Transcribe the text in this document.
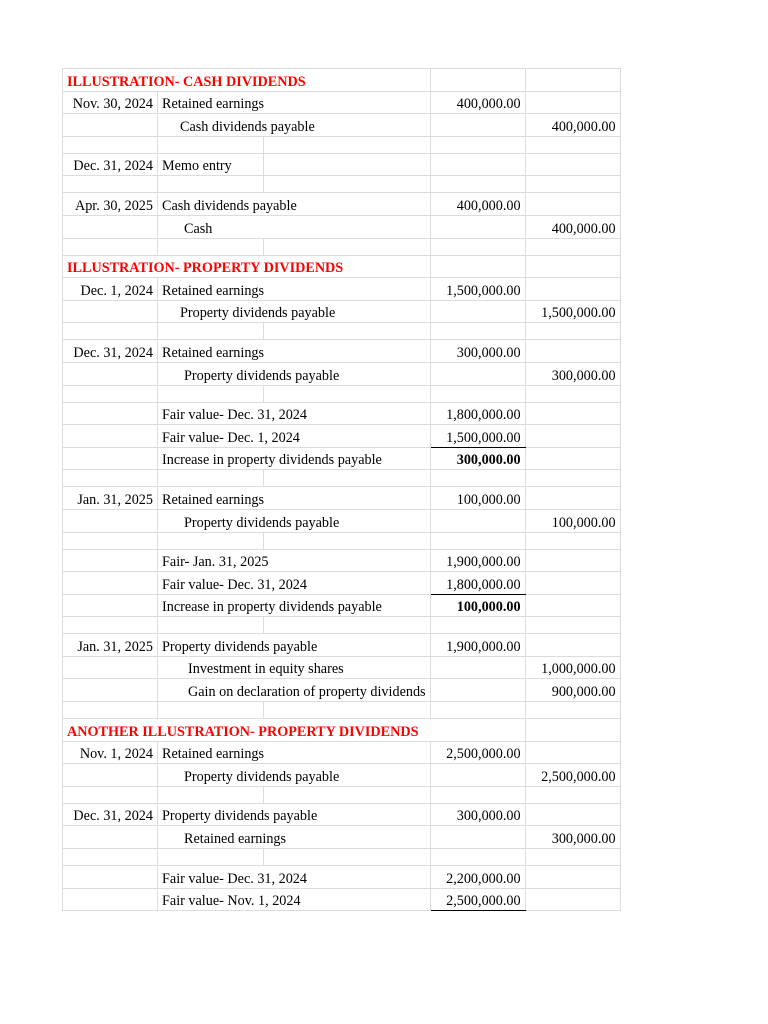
ILLUSTRATION- CASH DIVIDENDS				
Nov. 30, 2024	Retained earnings		400,000.00	
	Cash dividends payable			400,000.00

Dec. 31, 2024	Memo entry			

Apr. 30, 2025	Cash dividends payable		400,000.00	
	Cash			400,000.00

ILLUSTRATION- PROPERTY DIVIDENDS				
Dec. 1, 2024	Retained earnings		1,500,000.00	
	Property dividends payable			1,500,000.00

Dec. 31, 2024	Retained earnings		300,000.00	
	Property dividends payable			300,000.00

	Fair value- Dec. 31, 2024		1,800,000.00	
	Fair value- Dec. 1, 2024		1,500,000.00	
	Increase in property dividends payable		300,000.00	

Jan. 31, 2025	Retained earnings		100,000.00	
	Property dividends payable			100,000.00

	Fair- Jan. 31, 2025		1,900,000.00	
	Fair value- Dec. 31, 2024		1,800,000.00	
	Increase in property dividends payable		100,000.00	

Jan. 31, 2025	Property dividends payable		1,900,000.00	
	Investment in equity shares			1,000,000.00
	Gain on declaration of property dividends			900,000.00

ANOTHER ILLUSTRATION- PROPERTY DIVIDENDS				
Nov. 1, 2024	Retained earnings		2,500,000.00	
	Property dividends payable			2,500,000.00

Dec. 31, 2024	Property dividends payable		300,000.00	
	Retained earnings			300,000.00

	Fair value- Dec. 31, 2024		2,200,000.00	
	Fair value- Nov. 1, 2024		2,500,000.00	
